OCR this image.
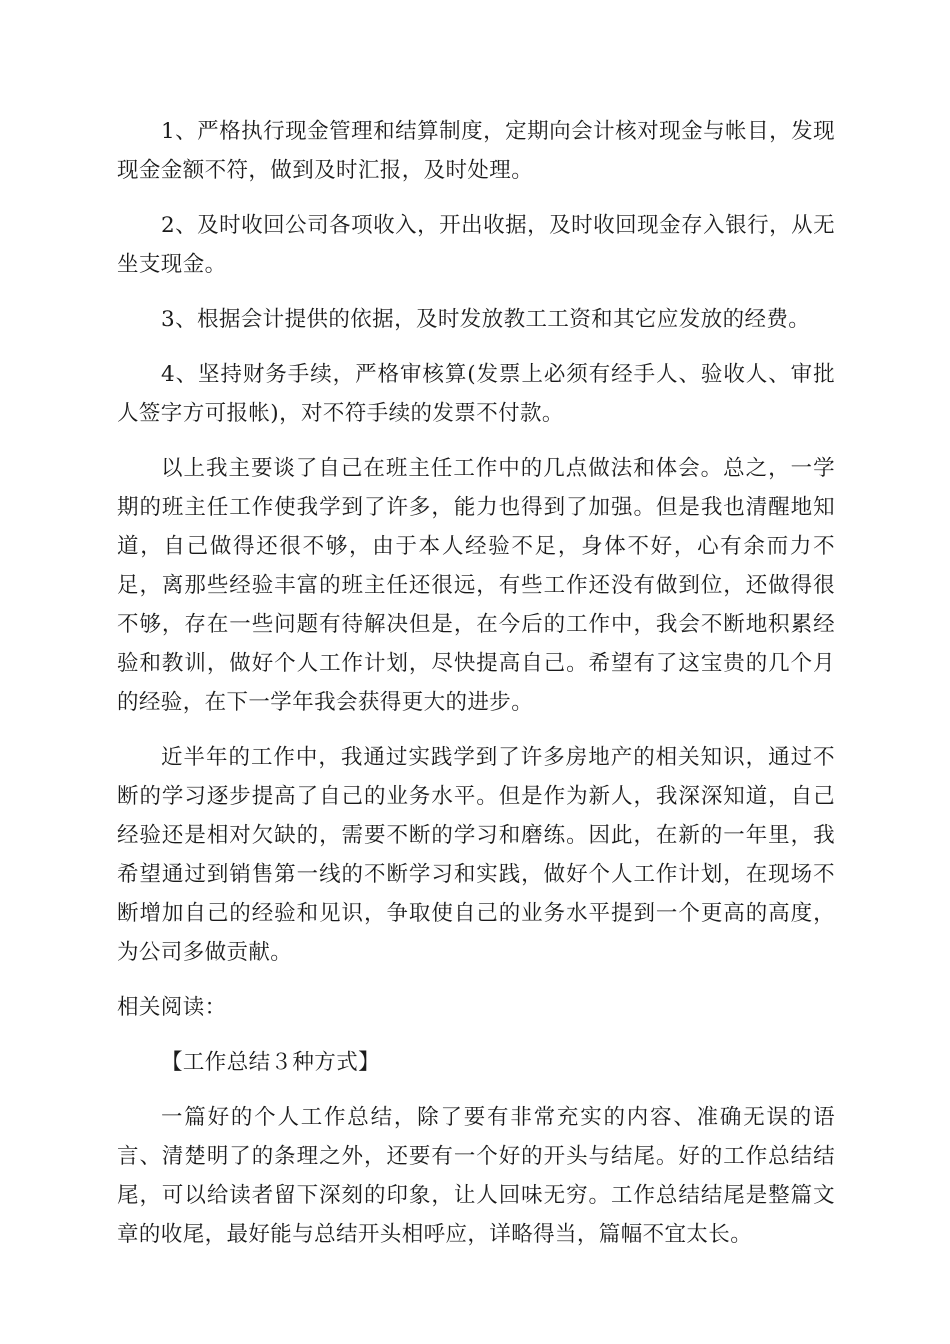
1、严格执行现金管理和结算制度，定期向会计核对现金与帐目，发现现金金额不符，做到及时汇报，及时处理。

2、及时收回公司各项收入，开出收据，及时收回现金存入银行，从无坐支现金。

3、根据会计提供的依据，及时发放教工工资和其它应发放的经费。

4、坚持财务手续，严格审核算(发票上必须有经手人、验收人、审批人签字方可报帐)，对不符手续的发票不付款。

以上我主要谈了自己在班主任工作中的几点做法和体会。总之，一学期的班主任工作使我学到了许多，能力也得到了加强。但是我也清醒地知道，自己做得还很不够，由于本人经验不足，身体不好，心有余而力不足，离那些经验丰富的班主任还很远，有些工作还没有做到位，还做得很不够，存在一些问题有待解决但是，在今后的工作中，我会不断地积累经验和教训，做好个人工作计划，尽快提高自己。希望有了这宝贵的几个月的经验，在下一学年我会获得更大的进步。

近半年的工作中，我通过实践学到了许多房地产的相关知识，通过不断的学习逐步提高了自己的业务水平。但是作为新人，我深深知道，自己经验还是相对欠缺的，需要不断的学习和磨练。因此，在新的一年里，我希望通过到销售第一线的不断学习和实践，做好个人工作计划，在现场不断增加自己的经验和见识，争取使自己的业务水平提到一个更高的高度，为公司多做贡献。

相关阅读：

【工作总结３种方式】

一篇好的个人工作总结，除了要有非常充实的内容、准确无误的语言、清楚明了的条理之外，还要有一个好的开头与结尾。好的工作总结结尾，可以给读者留下深刻的印象，让人回味无穷。工作总结结尾是整篇文章的收尾，最好能与总结开头相呼应，详略得当，篇幅不宜太长。
